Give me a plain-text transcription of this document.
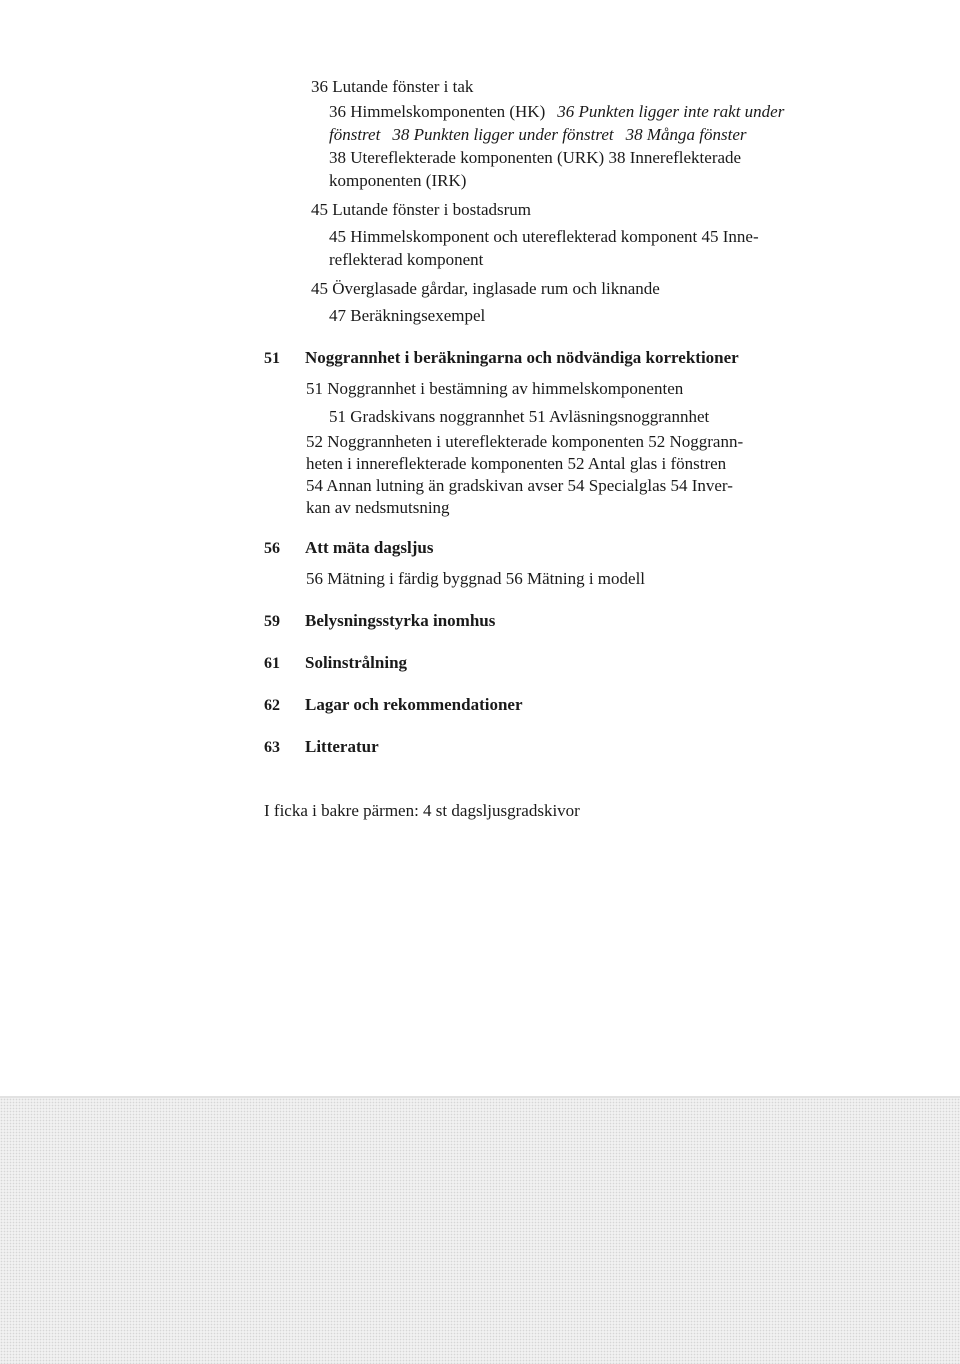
36 Lutande fönster i tak
36 Himmelskomponenten (HK) 36 Punkten ligger inte rakt under
fönstret 38 Punkten ligger under fönstret 38 Många fönster
38 Utereflekterade komponenten (URK) 38 Innereflekterade
komponenten (IRK)
45 Lutande fönster i bostadsrum
45 Himmelskomponent och utereflekterad komponent 45 Inne-
reflekterad komponent
45 Överglasade gårdar, inglasade rum och liknande
47 Beräkningsexempel
51 Noggrannhet i beräkningarna och nödvändiga korrektioner
51 Noggrannhet i bestämning av himmelskomponenten
51 Gradskivans noggrannhet 51 Avläsningsnoggrannhet
52 Noggrannheten i utereflekterade komponenten 52 Noggrann-
heten i innereflekterade komponenten 52 Antal glas i fönstren
54 Annan lutning än gradskivan avser 54 Specialglas 54 Inver-
kan av nedsmutsning
56 Att mäta dagsljus
56 Mätning i färdig byggnad 56 Mätning i modell
59 Belysningsstyrka inomhus
61 Solinstrålning
62 Lagar och rekommendationer
63 Litteratur
I ficka i bakre pärmen: 4 st dagsljusgradskivor
